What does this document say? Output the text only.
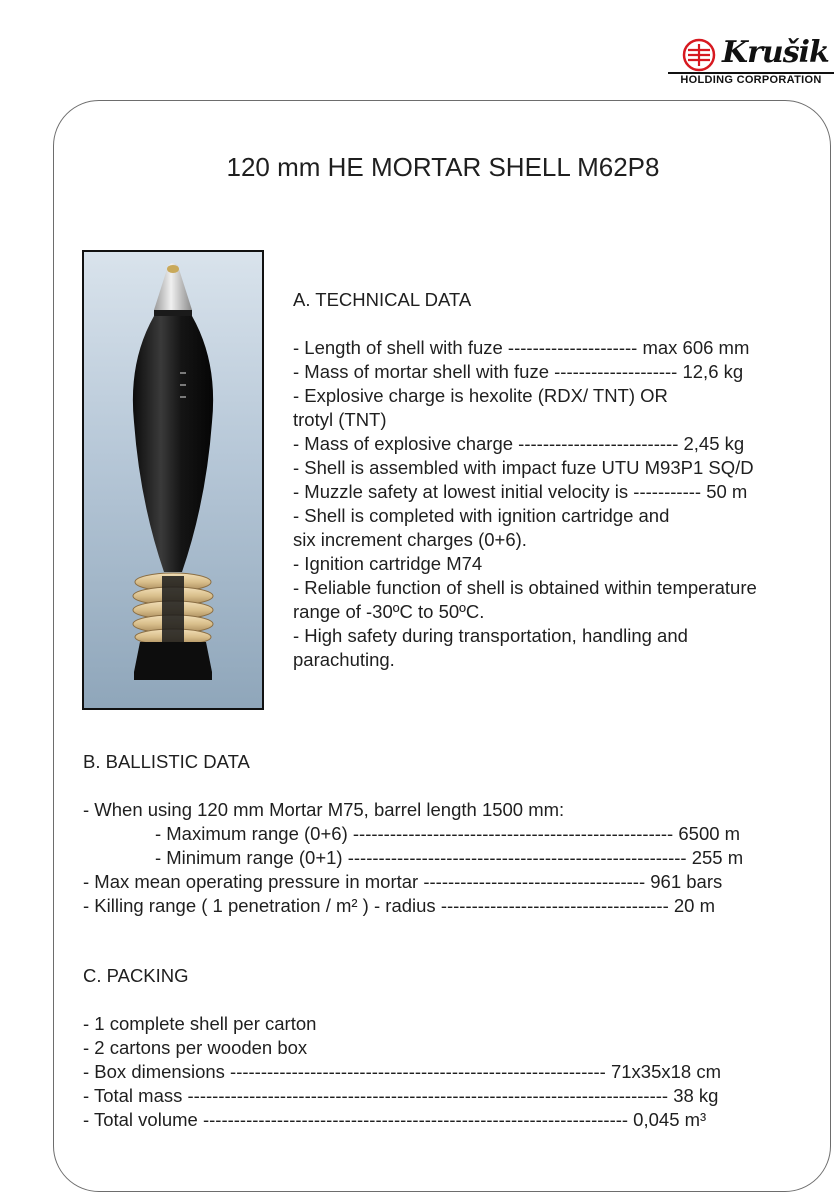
Krušik
HOLDING CORPORATION
120 mm HE MORTAR SHELL M62P8
A. TECHNICAL DATA
- Length of shell with fuze --------------------- max 606 mm
- Mass of mortar shell with fuze -------------------- 12,6 kg
- Explosive charge is hexolite (RDX/ TNT) OR
trotyl (TNT)
- Mass of explosive charge -------------------------- 2,45 kg
- Shell is assembled with impact fuze UTU M93P1 SQ/D
- Muzzle safety at lowest initial velocity is ----------- 50 m
- Shell is completed with ignition cartridge and
six increment charges (0+6).
- Ignition cartridge M74
- Reliable function of shell is obtained within temperature
range of -30ºC to 50ºC.
- High safety during transportation, handling and
parachuting.
B. BALLISTIC DATA
- When using 120 mm Mortar M75, barrel length 1500 mm:
- Maximum range (0+6) ---------------------------------------------------- 6500 m
- Minimum range (0+1) ------------------------------------------------------- 255 m
- Max mean operating pressure in mortar ------------------------------------ 961 bars
- Killing range ( 1 penetration / m² ) - radius ------------------------------------- 20 m
C. PACKING
- 1 complete shell per carton
- 2 cartons per wooden box
- Box dimensions ------------------------------------------------------------- 71x35x18 cm
- Total mass ------------------------------------------------------------------------------ 38 kg
- Total volume --------------------------------------------------------------------- 0,045 m³
